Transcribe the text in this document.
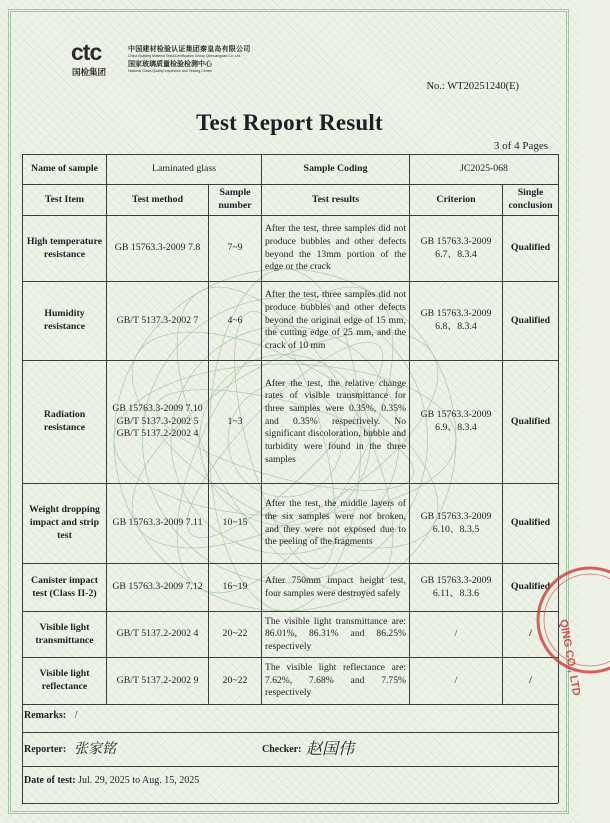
ctc
国检集团
中国建材检验认证集团秦皇岛有限公司
China Building Material Test&Certification Group Qinhuangdao Co.,Ltd.
国家玻璃质量检验检测中心
National Glass Quality Inspection and Testing Center
No.: WT20251240(E)
Test Report Result
3 of 4 Pages
Name of sample	Laminated glass		Sample Coding	JC2025-068	
Test Item	Test method	Sample number	Test results	Criterion	Single conclusion
High temperature resistance	GB 15763.3-2009 7.8	7~9	After the test, three samples did not produce bubbles and other defects beyond the 13mm portion of the edge or the crack	GB 15763.3-2009 6.7、8.3.4	Qualified
Humidity resistance	GB/T 5137.3-2002 7	4~6	After the test, three samples did not produce bubbles and other defects beyond the original edge of 15 mm, the cutting edge of 25 mm, and the crack of 10 mm	GB 15763.3-2009 6.8、8.3.4	Qualified
Radiation resistance	GB 15763.3-2009 7.10 GB/T 5137.3-2002 5 GB/T 5137.2-2002 4	1~3	After the test, the relative change rates of visible transmittance for three samples were 0.35%, 0.35% and 0.35% respectively. No significant discoloration, bubble and turbidity were found in the three samples	GB 15763.3-2009 6.9、8.3.4	Qualified
Weight dropping impact and strip test	GB 15763.3-2009 7.11	10~15	After the test, the middle layers of the six samples were not broken, and they were not exposed due to the peeling of the fragments	GB 15763.3-2009 6.10、8.3.5	Qualified
Canister impact test (Class II-2)	GB 15763.3-2009 7.12	16~19	After 750mm impact height test, four samples were destroyed safely	GB 15763.3-2009 6.11、8.3.6	Qualified
Visible light transmittance	GB/T 5137.2-2002 4	20~22	The visible light transmittance are: 86.01%, 86.31% and 86.25% respectively	/	/
Visible light reflectance	GB/T 5137.2-2002 9	20~22	The visible light reflectance are: 7.62%, 7.68% and 7.75% respectively	/	/
Remarks: /
Reporter: 张家铭	Checker: 赵国伟
Date of test: Jul. 29, 2025 to Aug. 15, 2025
QING CO., LTD
